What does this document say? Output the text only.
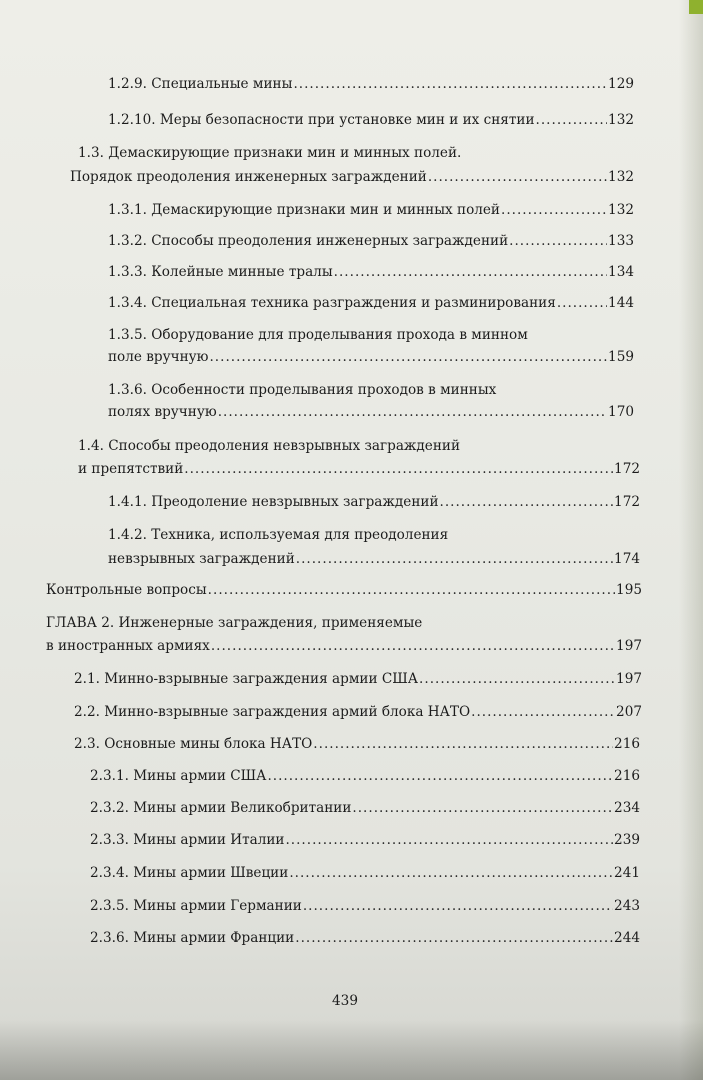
1.2.9. Специальные мины .....	129
1.2.10. Меры безопасности при установке мин и их снятии .....	132
1.3. Демаскирующие признаки мин и минных полей.
Порядок преодоления инженерных заграждений .....	132
1.3.1. Демаскирующие признаки мин и минных полей .....	132
1.3.2. Способы преодоления инженерных заграждений .....	133
1.3.3. Колейные минные тралы .....	134
1.3.4. Специальная техника разграждения и разминирования .....	144
1.3.5. Оборудование для проделывания прохода в минном
поле вручную .....	159
1.3.6. Особенности проделывания проходов в минных
полях вручную .....	170
1.4. Способы преодоления невзрывных заграждений
и препятствий .....	172
1.4.1. Преодоление невзрывных заграждений .....	172
1.4.2. Техника, используемая для преодоления
невзрывных заграждений .....	174
Контрольные вопросы .....	195
ГЛАВА 2. Инженерные заграждения, применяемые
в иностранных армиях .....	197
2.1. Минно-взрывные заграждения армии США .....	197
2.2. Минно-взрывные заграждения армий блока НАТО .....	207
2.3. Основные мины блока НАТО .....	216
2.3.1. Мины армии США .....	216
2.3.2. Мины армии Великобритании .....	234
2.3.3. Мины армии Италии .....	239
2.3.4. Мины армии Швеции .....	241
2.3.5. Мины армии Германии .....	243
2.3.6. Мины армии Франции .....	244
439
